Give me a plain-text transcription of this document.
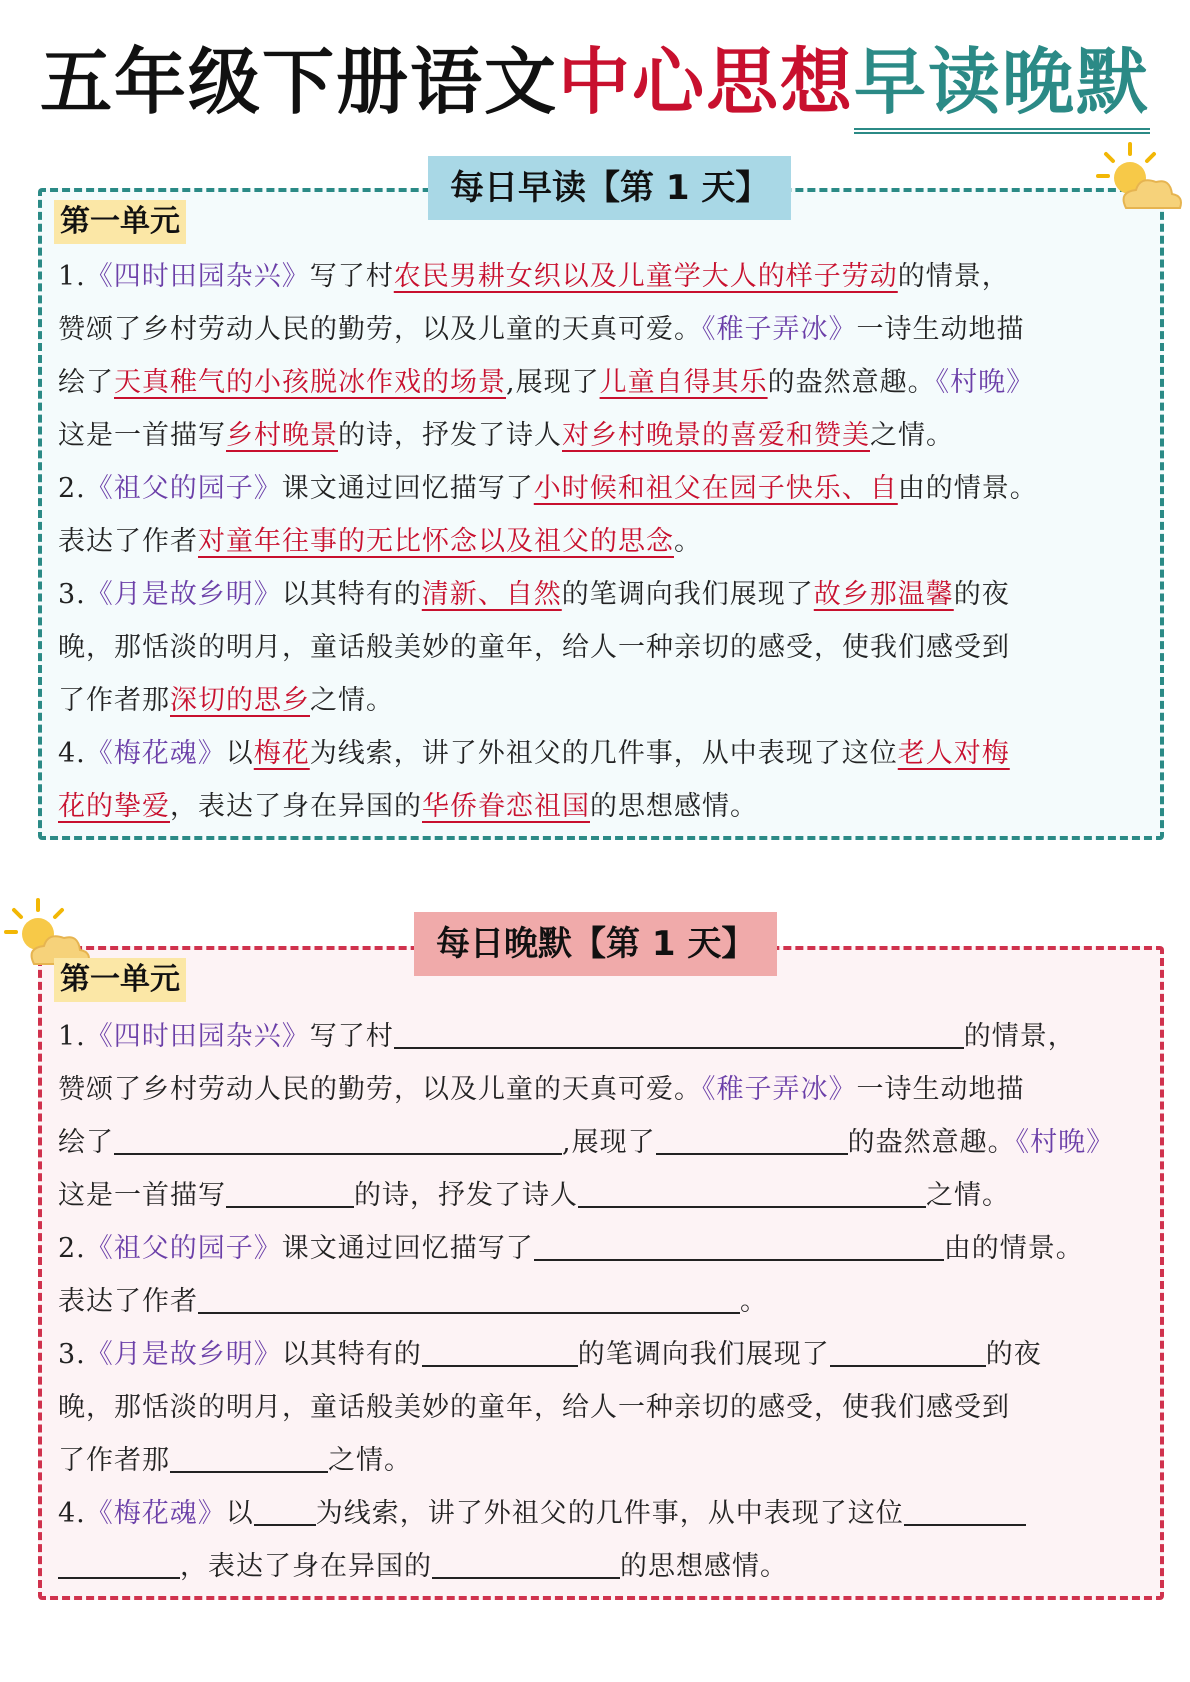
五年级下册语文中心思想早读晚默
每日早读【第 1 天】
第一单元
1.《四时田园杂兴》写了村农民男耕女织以及儿童学大人的样子劳动的情景，
赞颂了乡村劳动人民的勤劳，以及儿童的天真可爱。《稚子弄冰》一诗生动地描
绘了天真稚气的小孩脱冰作戏的场景,展现了儿童自得其乐的盎然意趣。《村晚》
这是一首描写乡村晚景的诗，抒发了诗人对乡村晚景的喜爱和赞美之情。
2.《祖父的园子》课文通过回忆描写了小时候和祖父在园子快乐、自由的情景。
表达了作者对童年往事的无比怀念以及祖父的思念。
3.《月是故乡明》以其特有的清新、自然的笔调向我们展现了故乡那温馨的夜
晚，那恬淡的明月，童话般美妙的童年，给人一种亲切的感受，使我们感受到
了作者那深切的思乡之情。
4.《梅花魂》以梅花为线索，讲了外祖父的几件事，从中表现了这位老人对梅
花的挚爱，表达了身在异国的华侨眷恋祖国的思想感情。
每日晚默【第 1 天】
第一单元
1.《四时田园杂兴》写了村	的情景，
赞颂了乡村劳动人民的勤劳，以及儿童的天真可爱。《稚子弄冰》一诗生动地描
绘了	,展现了	的盎然意趣。《村晚》
这是一首描写	的诗，抒发了诗人	之情。
2.《祖父的园子》课文通过回忆描写了	由的情景。
表达了作者	。
3.《月是故乡明》以其特有的	的笔调向我们展现了	的夜
晚，那恬淡的明月，童话般美妙的童年，给人一种亲切的感受，使我们感受到
了作者那	之情。
4.《梅花魂》以 为线索，讲了外祖父的几件事，从中表现了这位
，表达了身在异国的	的思想感情。
